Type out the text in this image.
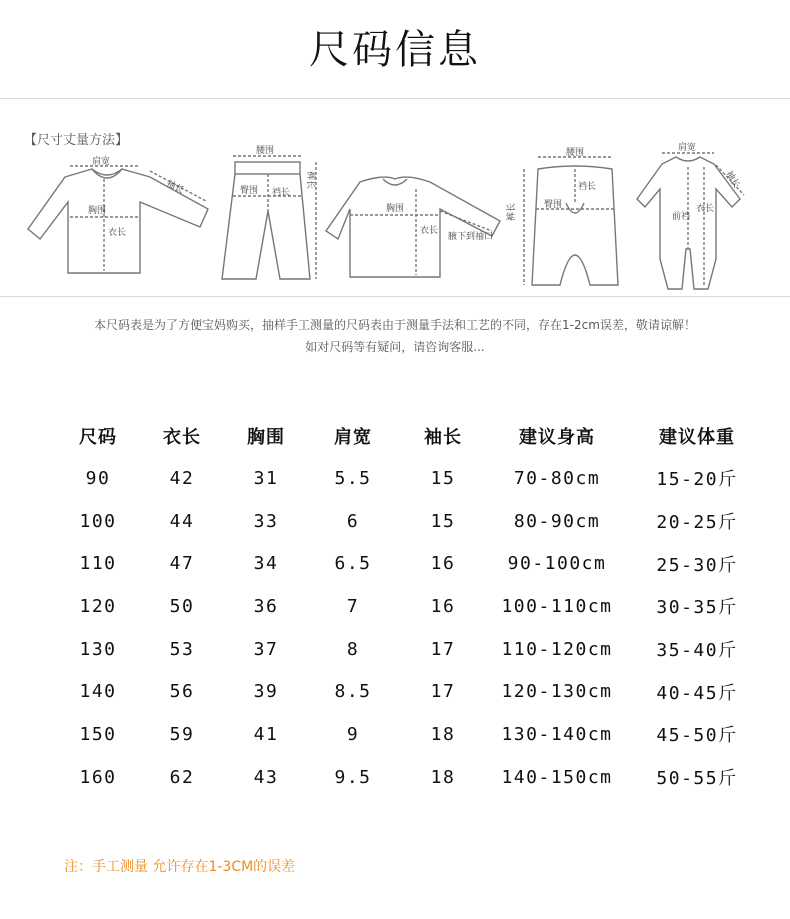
尺码信息
【尺寸丈量方法】
肩宽
袖长
胸围
衣长
腰围
臀围 裆长
裤长
胸围
衣长
腋下到袖口
腰围
裆长
臀围
裤长
肩宽
袖长
前裆
衣长
本尺码表是为了方便宝妈购买，抽样手工测量的尺码表由于测量手法和工艺的不同，存在1-2cm误差，敬请谅解！
如对尺码等有疑问，请咨询客服...
尺码	衣长	胸围	肩宽	袖长	建议身高	建议体重
90	42	31	5.5	15	70-80cm	15-20斤
100	44	33	6	15	80-90cm	20-25斤
110	47	34	6.5	16	90-100cm	25-30斤
120	50	36	7	16	100-110cm	30-35斤
130	53	37	8	17	110-120cm	35-40斤
140	56	39	8.5	17	120-130cm	40-45斤
150	59	41	9	18	130-140cm	45-50斤
160	62	43	9.5	18	140-150cm	50-55斤
注：手工测量 允许存在1-3CM的误差
